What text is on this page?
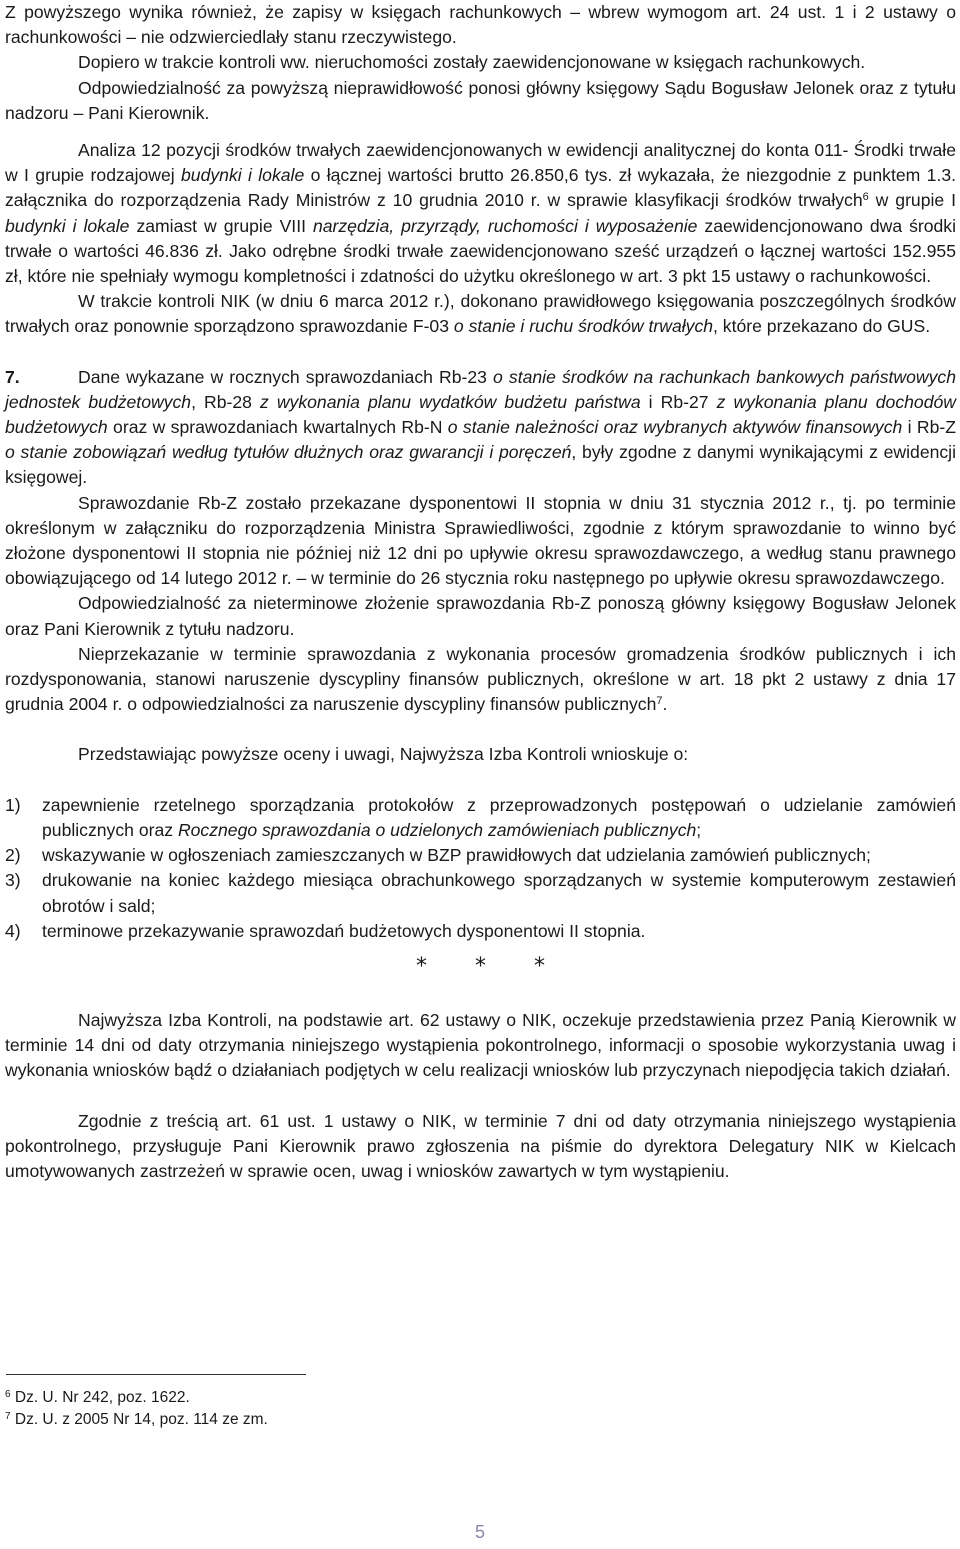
Z powyższego wynika również, że zapisy w księgach rachunkowych – wbrew wymogom art. 24 ust. 1 i 2 ustawy o rachunkowości – nie odzwierciedlały stanu rzeczywistego.

Dopiero w trakcie kontroli ww. nieruchomości zostały zaewidencjonowane w księgach rachunkowych.

Odpowiedzialność za powyższą nieprawidłowość ponosi główny księgowy Sądu Bogusław Jelonek oraz z tytułu nadzoru – Pani Kierownik.

Analiza 12 pozycji środków trwałych zaewidencjonowanych w ewidencji analitycznej do konta 011- Środki trwałe w I grupie rodzajowej budynki i lokale o łącznej wartości brutto 26.850,6 tys. zł wykazała, że niezgodnie z punktem 1.3. załącznika do rozporządzenia Rady Ministrów z 10 grudnia 2010 r. w sprawie klasyfikacji środków trwałych$^6$ w grupie I budynki i lokale zamiast w grupie VIII narzędzia, przyrządy, ruchomości i wyposażenie zaewidencjonowano dwa środki trwałe o wartości 46.836 zł. Jako odrębne środki trwałe zaewidencjonowano sześć urządzeń o łącznej wartości 152.955 zł, które nie spełniały wymogu kompletności i zdatności do użytku określonego w art. 3 pkt 15 ustawy o rachunkowości.

W trakcie kontroli NIK (w dniu 6 marca 2012 r.), dokonano prawidłowego księgowania poszczególnych środków trwałych oraz ponownie sporządzono sprawozdanie F-03 o stanie i ruchu środków trwałych, które przekazano do GUS.

7.	Dane wykazane w rocznych sprawozdaniach Rb-23 o stanie środków na rachunkach bankowych państwowych jednostek budżetowych, Rb-28 z wykonania planu wydatków budżetu państwa i Rb-27 z wykonania planu dochodów budżetowych oraz w sprawozdaniach kwartalnych Rb-N o stanie należności oraz wybranych aktywów finansowych i Rb-Z o stanie zobowiązań według tytułów dłużnych oraz gwarancji i poręczeń, były zgodne z danymi wynikającymi z ewidencji księgowej.

Sprawozdanie Rb-Z zostało przekazane dysponentowi II stopnia w dniu 31 stycznia 2012 r., tj. po terminie określonym w załączniku do rozporządzenia Ministra Sprawiedliwości, zgodnie z którym sprawozdanie to winno być złożone dysponentowi II stopnia nie później niż 12 dni po upływie okresu sprawozdawczego, a według stanu prawnego obowiązującego od 14 lutego 2012 r. – w terminie do 26 stycznia roku następnego po upływie okresu sprawozdawczego.

Odpowiedzialność za nieterminowe złożenie sprawozdania Rb-Z ponoszą główny księgowy Bogusław Jelonek oraz Pani Kierownik z tytułu nadzoru.

Nieprzekazanie w terminie sprawozdania z wykonania procesów gromadzenia środków publicznych i ich rozdysponowania, stanowi naruszenie dyscypliny finansów publicznych, określone w art. 18 pkt 2 ustawy z dnia 17 grudnia 2004 r. o odpowiedzialności za naruszenie dyscypliny finansów publicznych$^7$.

Przedstawiając powyższe oceny i uwagi, Najwyższa Izba Kontroli wnioskuje o:

1) zapewnienie rzetelnego sporządzania protokołów z przeprowadzonych postępowań o udzielanie zamówień publicznych oraz Rocznego sprawozdania o udzielonych zamówieniach publicznych;
2) wskazywanie w ogłoszeniach zamieszczanych w BZP prawidłowych dat udzielania zamówień publicznych;
3) drukowanie na koniec każdego miesiąca obrachunkowego sporządzanych w systemie komputerowym zestawień obrotów i sald;
4) terminowe przekazywanie sprawozdań budżetowych dysponentowi II stopnia.
* * *

Najwyższa Izba Kontroli, na podstawie art. 62 ustawy o NIK, oczekuje przedstawienia przez Panią Kierownik w terminie 14 dni od daty otrzymania niniejszego wystąpienia pokontrolnego, informacji o sposobie wykorzystania uwag i wykonania wniosków bądź o działaniach podjętych w celu realizacji wniosków lub przyczynach niepodjęcia takich działań.

Zgodnie z treścią art. 61 ust. 1 ustawy o NIK, w terminie 7 dni od daty otrzymania niniejszego wystąpienia pokontrolnego, przysługuje Pani Kierownik prawo zgłoszenia na piśmie do dyrektora Delegatury NIK w Kielcach umotywowanych zastrzeżeń w sprawie ocen, uwag i wniosków zawartych w tym wystąpieniu.

$^6$ Dz. U. Nr 242, poz. 1622.
$^7$ Dz. U. z 2005 Nr 14, poz. 114 ze zm.
5
